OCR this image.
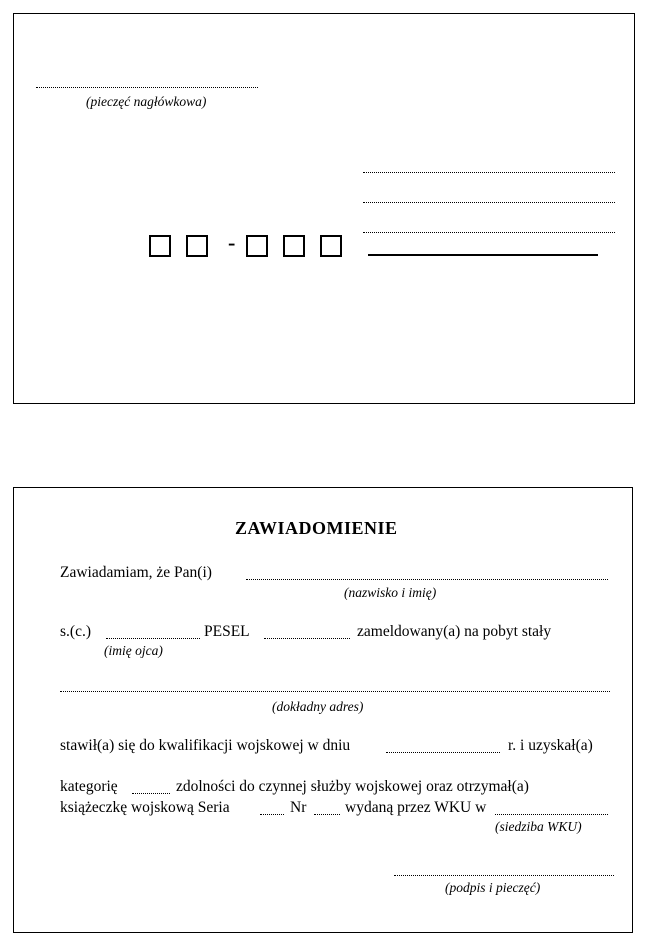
(pieczęć nagłówkowa)
-
ZAWIADOMIENIE
Zawiadamiam, że Pan(i)
(nazwisko i imię)
s.(c.)	PESEL	zameldowany(a) na pobyt stały
(imię ojca)
(dokładny adres)
stawił(a) się do kwalifikacji wojskowej w dniu	r. i uzyskał(a)
kategorię	zdolności do czynnej służby wojskowej oraz otrzymał(a)
książeczkę wojskową Seria	Nr wydaną przez WKU w
(siedziba WKU)
(podpis i pieczęć)
